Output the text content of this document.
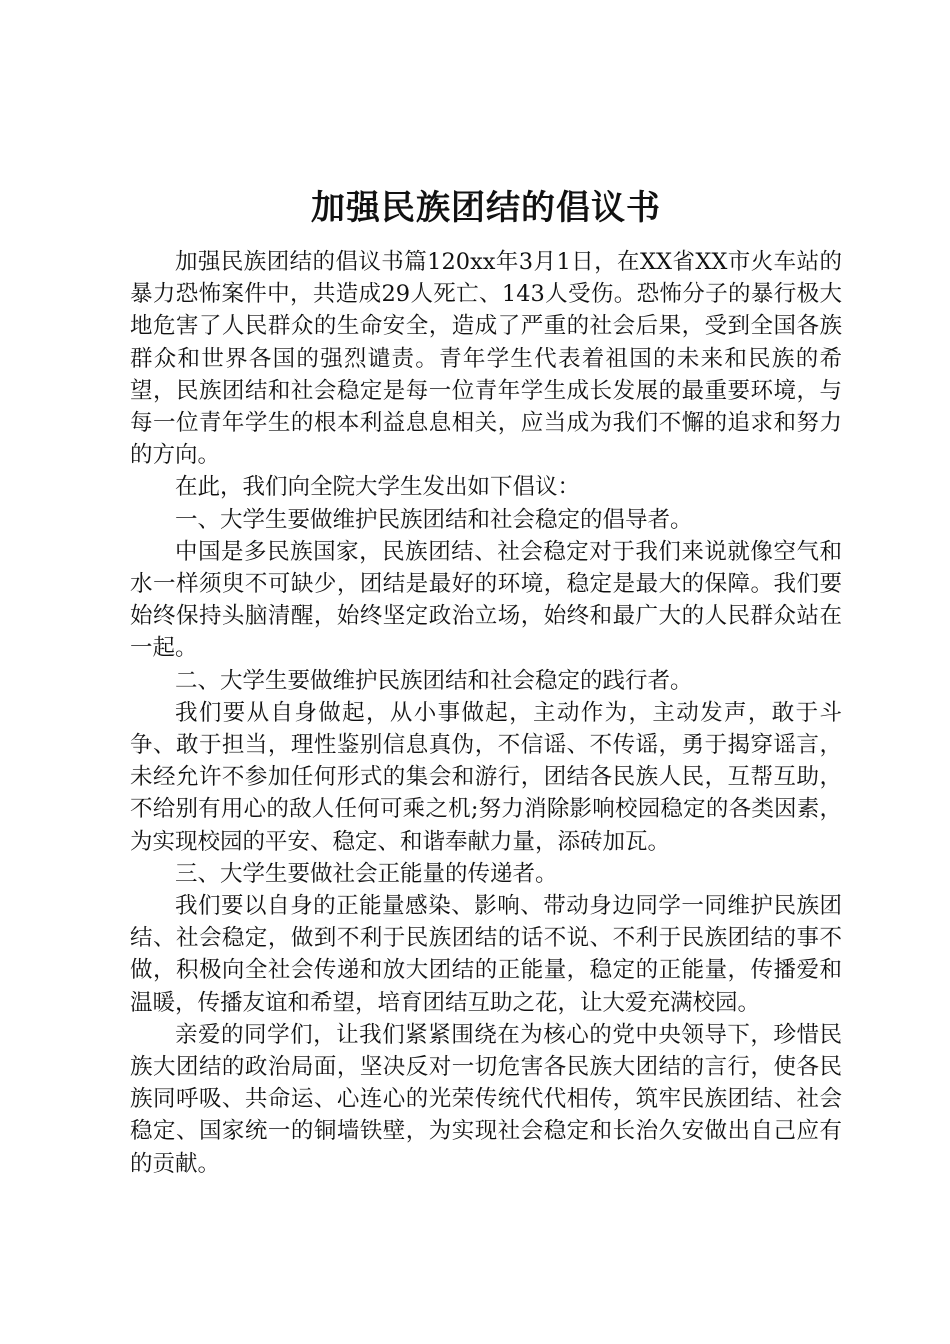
加强民族团结的倡议书

加强民族团结的倡议书篇120xx年3月1日，在XX省XX市火车站的暴力恐怖案件中，共造成29人死亡、143人受伤。恐怖分子的暴行极大地危害了人民群众的生命安全，造成了严重的社会后果，受到全国各族群众和世界各国的强烈谴责。青年学生代表着祖国的未来和民族的希望，民族团结和社会稳定是每一位青年学生成长发展的最重要环境，与每一位青年学生的根本利益息息相关，应当成为我们不懈的追求和努力的方向。

在此，我们向全院大学生发出如下倡议：

一、大学生要做维护民族团结和社会稳定的倡导者。

中国是多民族国家，民族团结、社会稳定对于我们来说就像空气和水一样须臾不可缺少，团结是最好的环境，稳定是最大的保障。我们要始终保持头脑清醒，始终坚定政治立场，始终和最广大的人民群众站在一起。

二、大学生要做维护民族团结和社会稳定的践行者。

我们要从自身做起，从小事做起，主动作为，主动发声，敢于斗争、敢于担当，理性鉴别信息真伪，不信谣、不传谣，勇于揭穿谣言，未经允许不参加任何形式的集会和游行，团结各民族人民，互帮互助，不给别有用心的敌人任何可乘之机;努力消除影响校园稳定的各类因素，为实现校园的平安、稳定、和谐奉献力量，添砖加瓦。

三、大学生要做社会正能量的传递者。

我们要以自身的正能量感染、影响、带动身边同学一同维护民族团结、社会稳定，做到不利于民族团结的话不说、不利于民族团结的事不做，积极向全社会传递和放大团结的正能量，稳定的正能量，传播爱和温暖，传播友谊和希望，培育团结互助之花，让大爱充满校园。

亲爱的同学们，让我们紧紧围绕在为核心的党中央领导下，珍惜民族大团结的政治局面，坚决反对一切危害各民族大团结的言行，使各民族同呼吸、共命运、心连心的光荣传统代代相传，筑牢民族团结、社会稳定、国家统一的铜墙铁壁，为实现社会稳定和长治久安做出自己应有的贡献。
